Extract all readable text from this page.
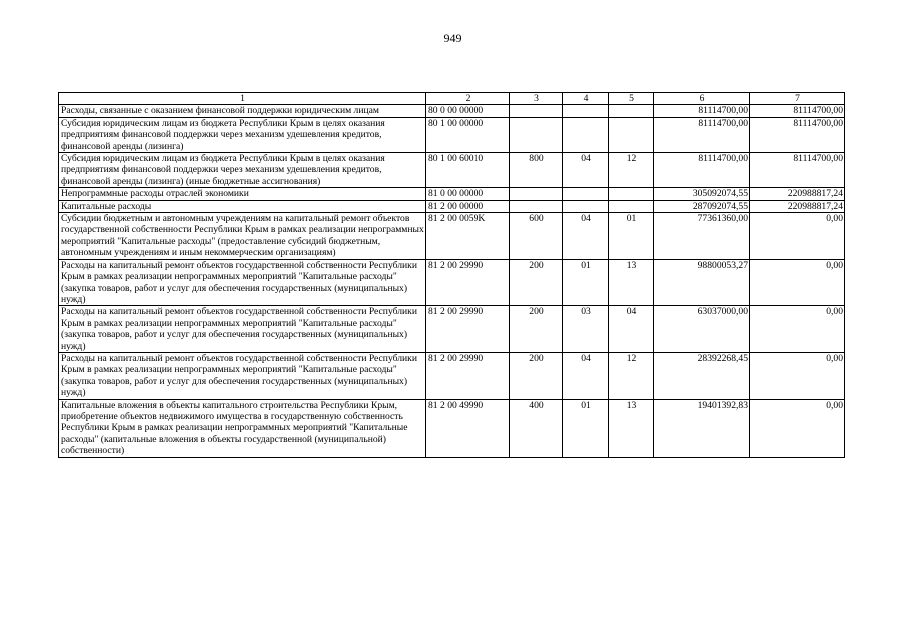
949
1	2	3	4	5	6	7
Расходы, связанные с оказанием финансовой поддержки юридическим лицам	80 0 00 00000				81114700,00	81114700,00
Субсидия юридическим лицам из бюджета Республики Крым в целях оказания предприятиям финансовой поддержки через механизм удешевления кредитов, финансовой аренды (лизинга)	80 1 00 00000				81114700,00	81114700,00
Субсидия юридическим лицам из бюджета Республики Крым в целях оказания предприятиям финансовой поддержки через механизм удешевления кредитов, финансовой аренды (лизинга) (иные бюджетные ассигнования)	80 1 00 60010	800	04	12	81114700,00	81114700,00
Непрограммные расходы отраслей экономики	81 0 00 00000				305092074,55	220988817,24
Капитальные расходы	81 2 00 00000				287092074,55	220988817,24
Субсидии бюджетным и автономным учреждениям на капитальный ремонт объектов государственной собственности Республики Крым в рамках реализации непрограммных мероприятий "Капитальные расходы" (предоставление субсидий бюджетным, автономным учреждениям и иным некоммерческим организациям)	81 2 00 0059K	600	04	01	77361360,00	0,00
Расходы на капитальный ремонт объектов государственной собственности Республики Крым в рамках реализации непрограммных мероприятий "Капитальные расходы" (закупка товаров, работ и услуг для обеспечения государственных (муниципальных) нужд)	81 2 00 29990	200	01	13	98800053,27	0,00
Расходы на капитальный ремонт объектов государственной собственности Республики Крым в рамках реализации непрограммных мероприятий "Капитальные расходы" (закупка товаров, работ и услуг для обеспечения государственных (муниципальных) нужд)	81 2 00 29990	200	03	04	63037000,00	0,00
Расходы на капитальный ремонт объектов государственной собственности Республики Крым в рамках реализации непрограммных мероприятий "Капитальные расходы" (закупка товаров, работ и услуг для обеспечения государственных (муниципальных) нужд)	81 2 00 29990	200	04	12	28392268,45	0,00
Капитальные вложения в объекты капитального строительства Республики Крым, приобретение объектов недвижимого имущества в государственную собственность Республики Крым в рамках реализации непрограммных мероприятий "Капитальные расходы" (капитальные вложения в объекты государственной (муниципальной) собственности)	81 2 00 49990	400	01	13	19401392,83	0,00
